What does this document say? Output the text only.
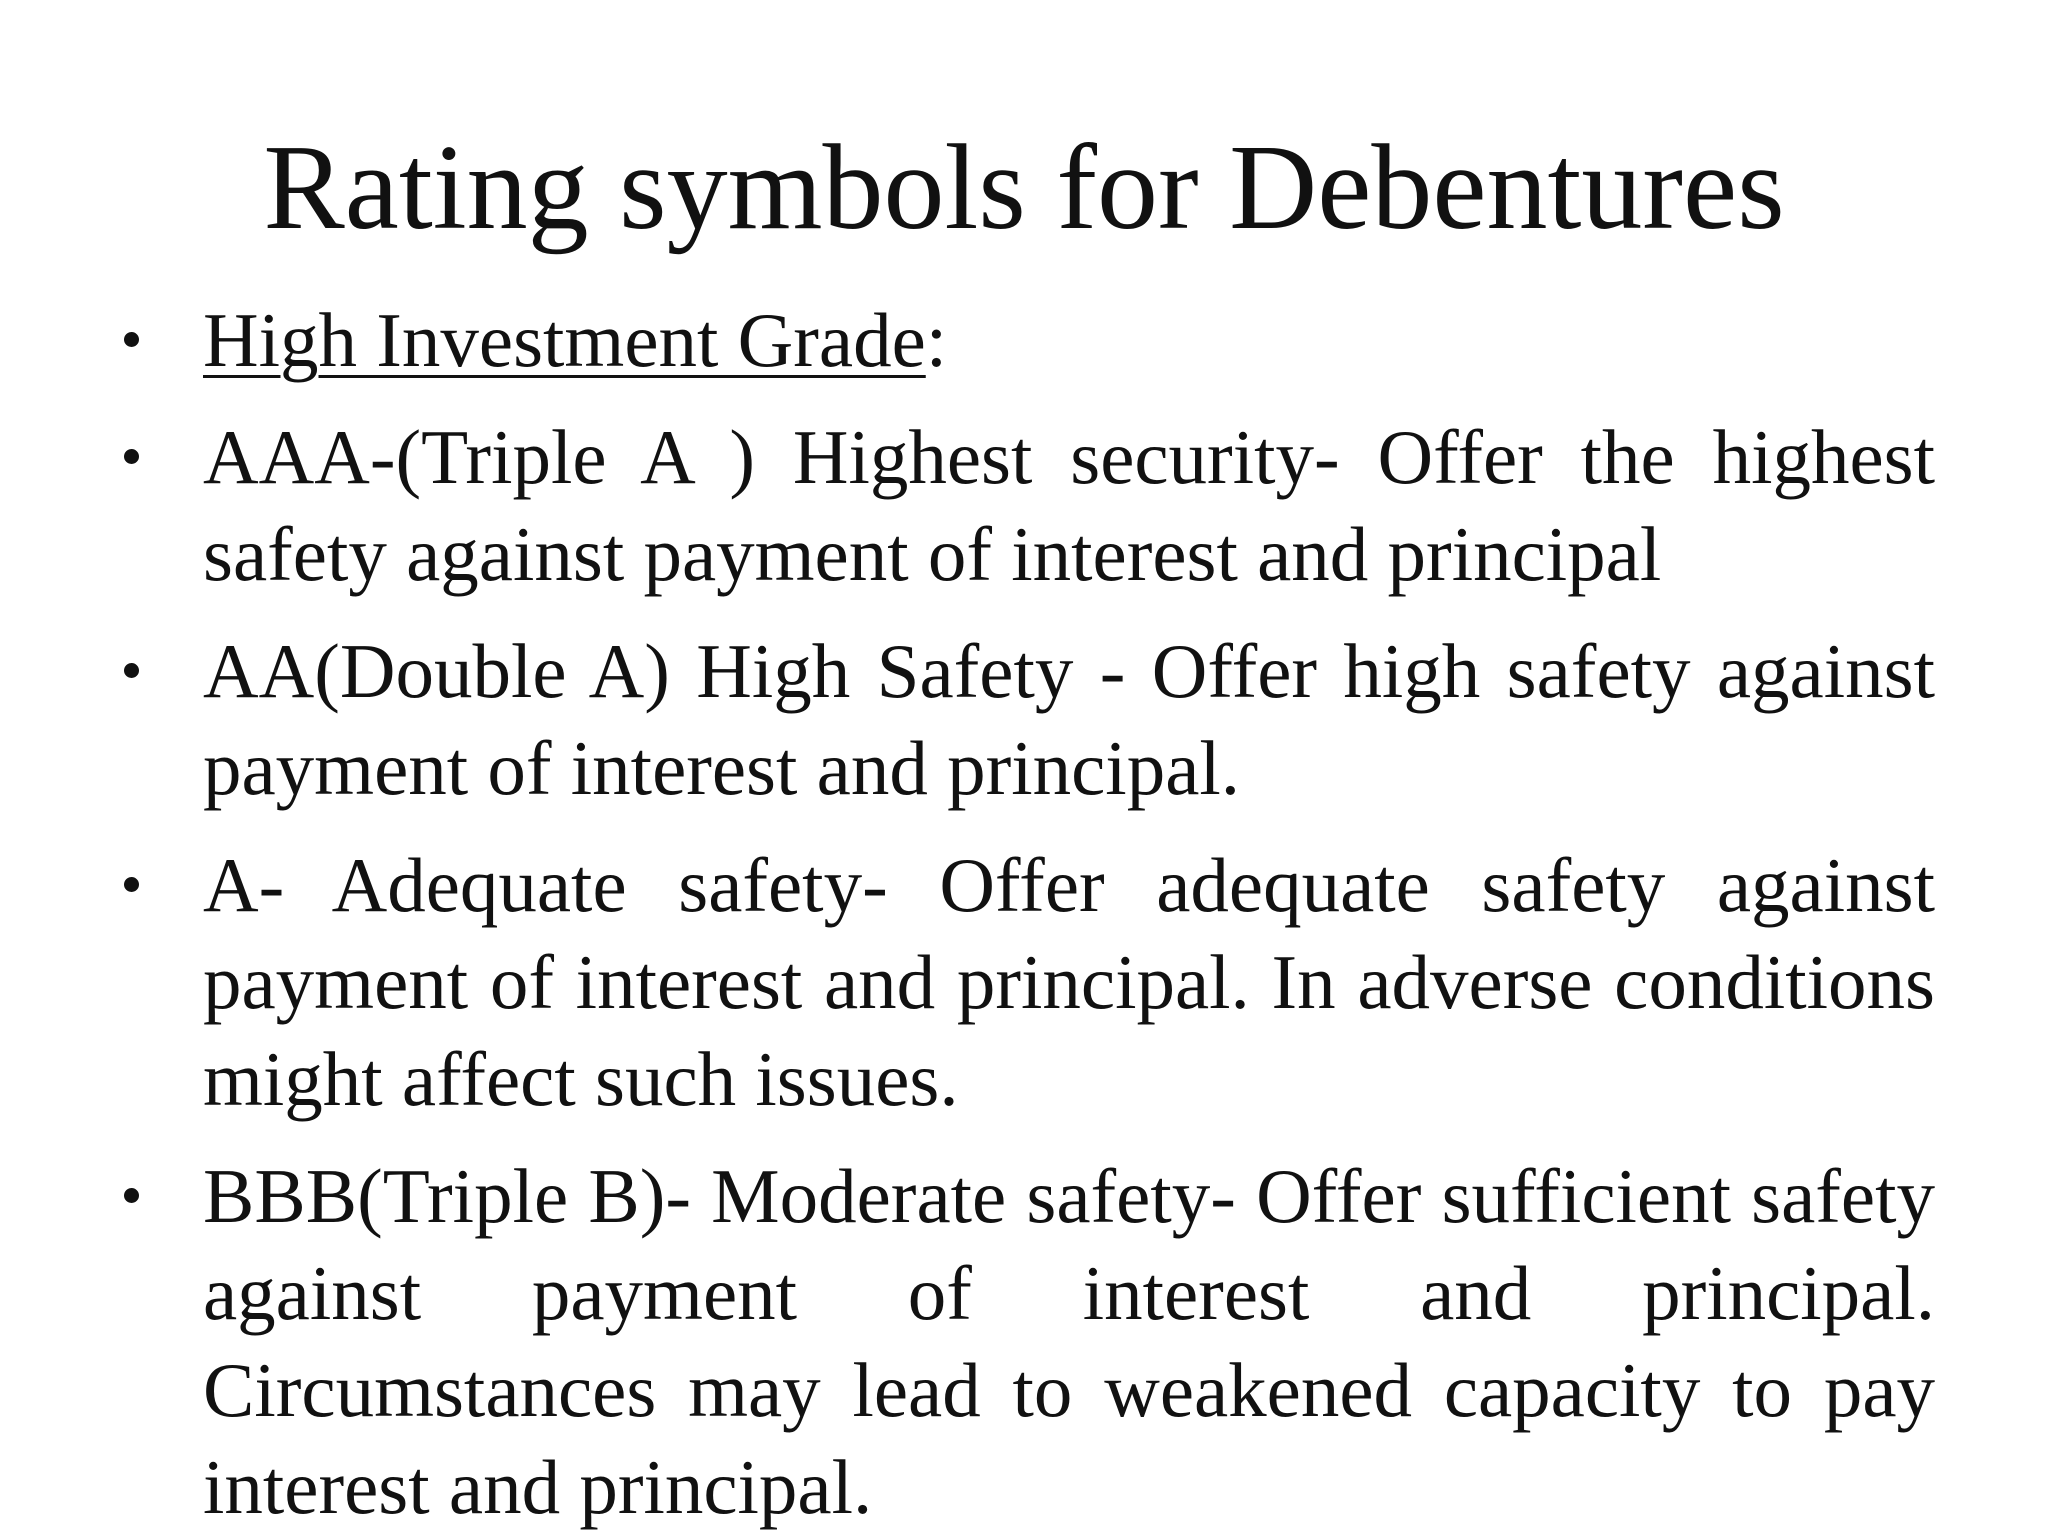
Rating symbols for Debentures
High Investment Grade:
AAA-(Triple A ) Highest security- Offer the highest safety against payment of interest and principal
AA(Double A) High Safety - Offer high safety against payment of interest and principal.
A- Adequate safety- Offer adequate safety against payment of interest and principal. In adverse conditions might affect such issues.
BBB(Triple B)- Moderate safety- Offer sufficient safety against payment of interest and principal. Circumstances may lead to weakened capacity to pay interest and principal.
